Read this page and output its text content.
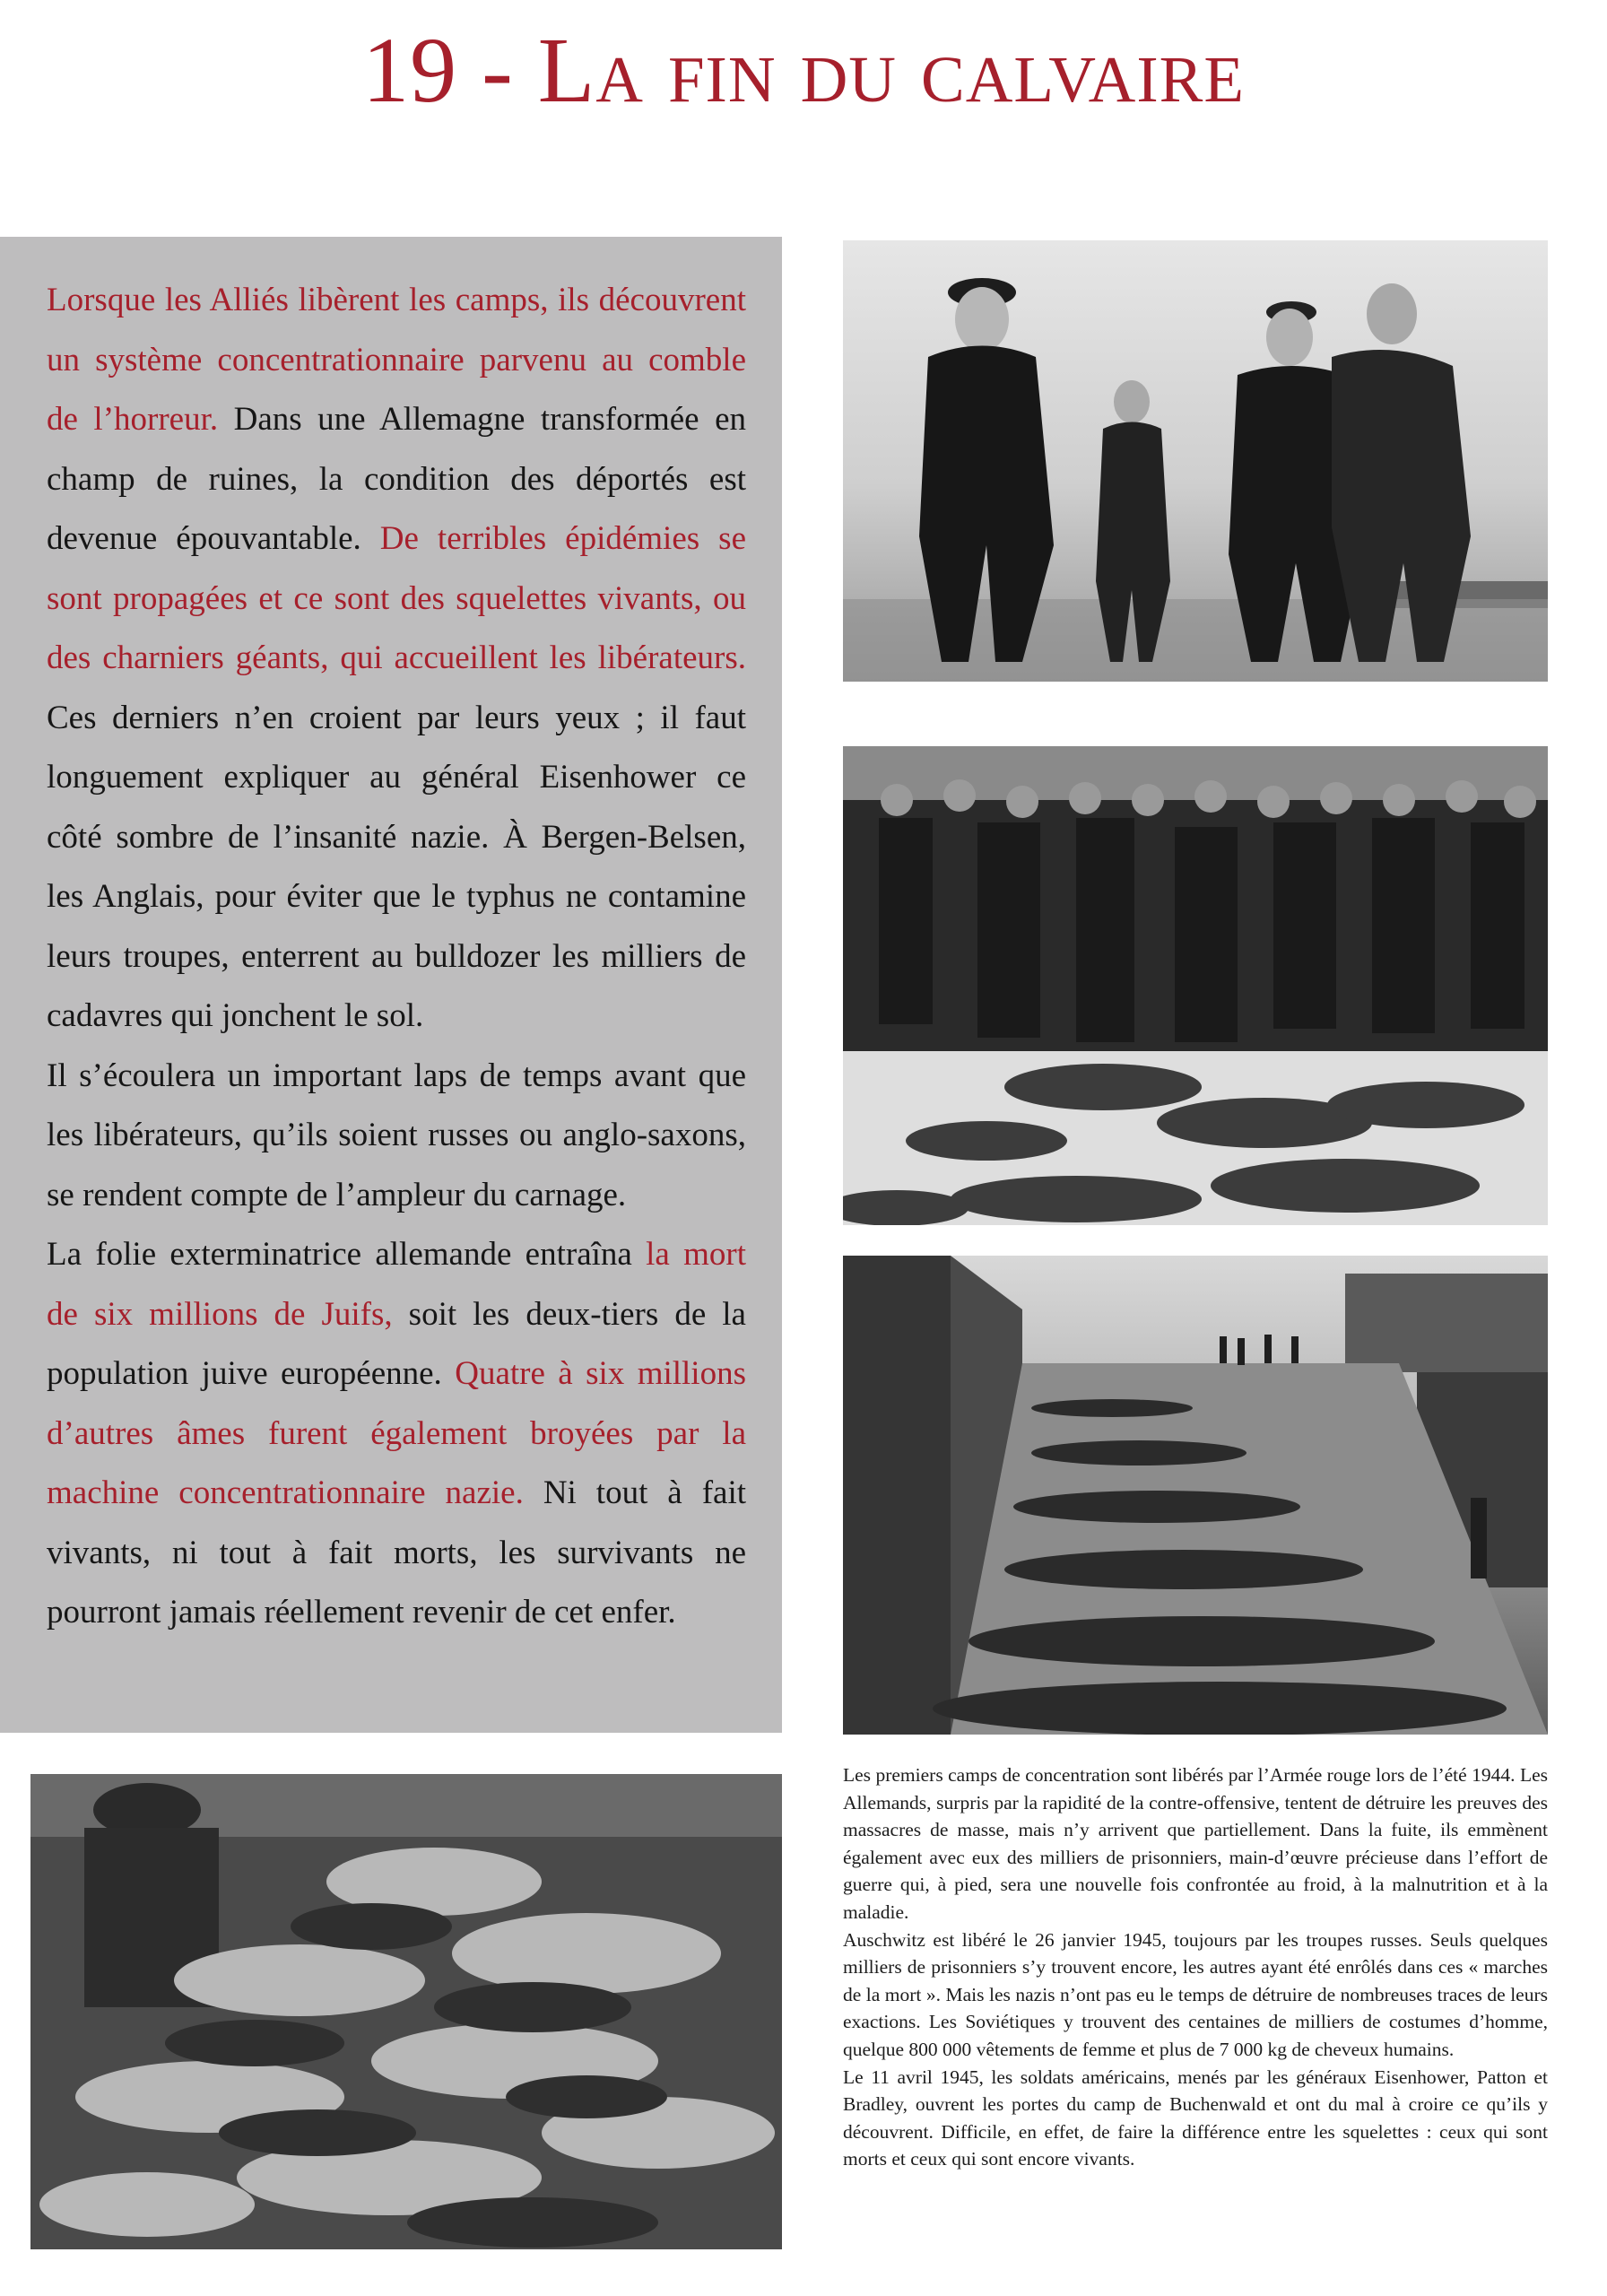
19 - La fin du calvaire

Lorsque les Alliés libèrent les camps, ils découvrent un système concentrationnaire parvenu au comble de l’horreur. Dans une Allemagne transformée en champ de ruines, la condition des déportés est devenue épouvantable. De terribles épidémies se sont propagées et ce sont des squelettes vivants, ou des charniers géants, qui accueillent les libérateurs. Ces derniers n’en croient par leurs yeux ; il faut longuement expliquer au général Eisenhower ce côté sombre de l’insanité nazie. À Bergen-Belsen, les Anglais, pour éviter que le typhus ne contamine leurs troupes, enterrent au bulldozer les milliers de cadavres qui jonchent le sol.

Il s’écoulera un important laps de temps avant que les libérateurs, qu’ils soient russes ou anglo-saxons, se rendent compte de l’ampleur du carnage.

La folie exterminatrice allemande entraîna la mort de six millions de Juifs, soit les deux-tiers de la population juive européenne. Quatre à six millions d’autres âmes furent également broyées par la machine concentrationnaire nazie. Ni tout à fait vivants, ni tout à fait morts, les survivants ne pourront jamais réellement revenir de cet enfer.

Les premiers camps de concentration sont libérés par l’Armée rouge lors de l’été 1944. Les Allemands, surpris par la rapidité de la contre-offensive, tentent de détruire les preuves des massacres de masse, mais n’y arrivent que partiellement. Dans la fuite, ils emmènent également avec eux des milliers de prisonniers, main-d’œuvre précieuse dans l’effort de guerre qui, à pied, sera une nouvelle fois confrontée au froid, à la malnutrition et à la maladie.

Auschwitz est libéré le 26 janvier 1945, toujours par les troupes russes. Seuls quelques milliers de prisonniers s’y trouvent encore, les autres ayant été enrôlés dans ces « marches de la mort ». Mais les nazis n’ont pas eu le temps de détruire de nombreuses traces de leurs exactions. Les Soviétiques y trouvent des centaines de milliers de costumes d’homme, quelque 800 000 vêtements de femme et plus de 7 000 kg de cheveux humains.

Le 11 avril 1945, les soldats américains, menés par les généraux Eisenhower, Patton et Bradley, ouvrent les portes du camp de Buchenwald et ont du mal à croire ce qu’ils y découvrent. Difficile, en effet, de faire la différence entre les squelettes : ceux qui sont morts et ceux qui sont encore vivants.
